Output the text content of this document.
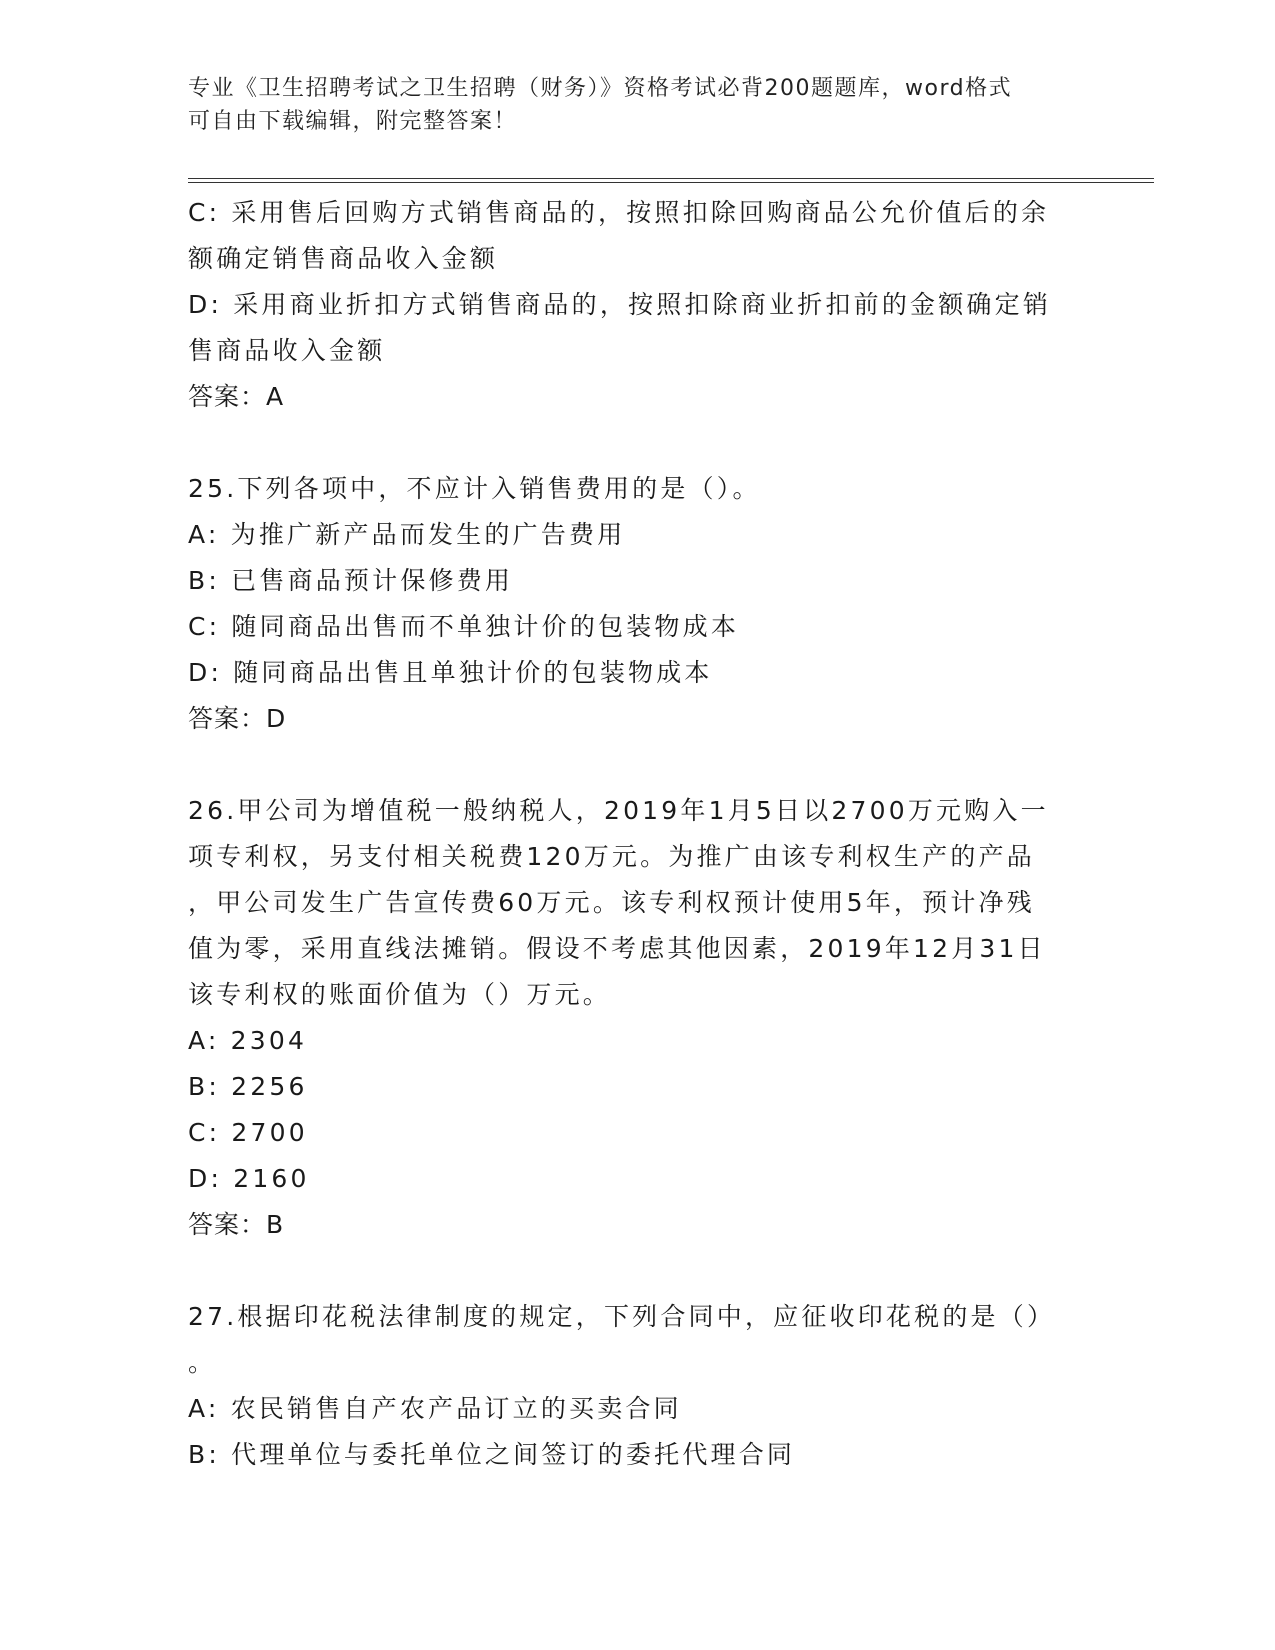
专业《卫生招聘考试之卫生招聘（财务）》资格考试必背200题题库，word格式
可自由下载编辑，附完整答案！
C: 采用售后回购方式销售商品的，按照扣除回购商品公允价值后的余
额确定销售商品收入金额
D: 采用商业折扣方式销售商品的，按照扣除商业折扣前的金额确定销
售商品收入金额
答案：A
25.下列各项中，不应计入销售费用的是（）。
A: 为推广新产品而发生的广告费用
B: 已售商品预计保修费用
C: 随同商品出售而不单独计价的包装物成本
D: 随同商品出售且单独计价的包装物成本
答案：D
26.甲公司为增值税一般纳税人，2019年1月5日以2700万元购入一
项专利权，另支付相关税费120万元。为推广由该专利权生产的产品
，甲公司发生广告宣传费60万元。该专利权预计使用5年，预计净残
值为零，采用直线法摊销。假设不考虑其他因素，2019年12月31日
该专利权的账面价值为（）万元。
A: 2304
B: 2256
C: 2700
D: 2160
答案：B
27.根据印花税法律制度的规定，下列合同中，应征收印花税的是（）
。
A: 农民销售自产农产品订立的买卖合同
B: 代理单位与委托单位之间签订的委托代理合同
